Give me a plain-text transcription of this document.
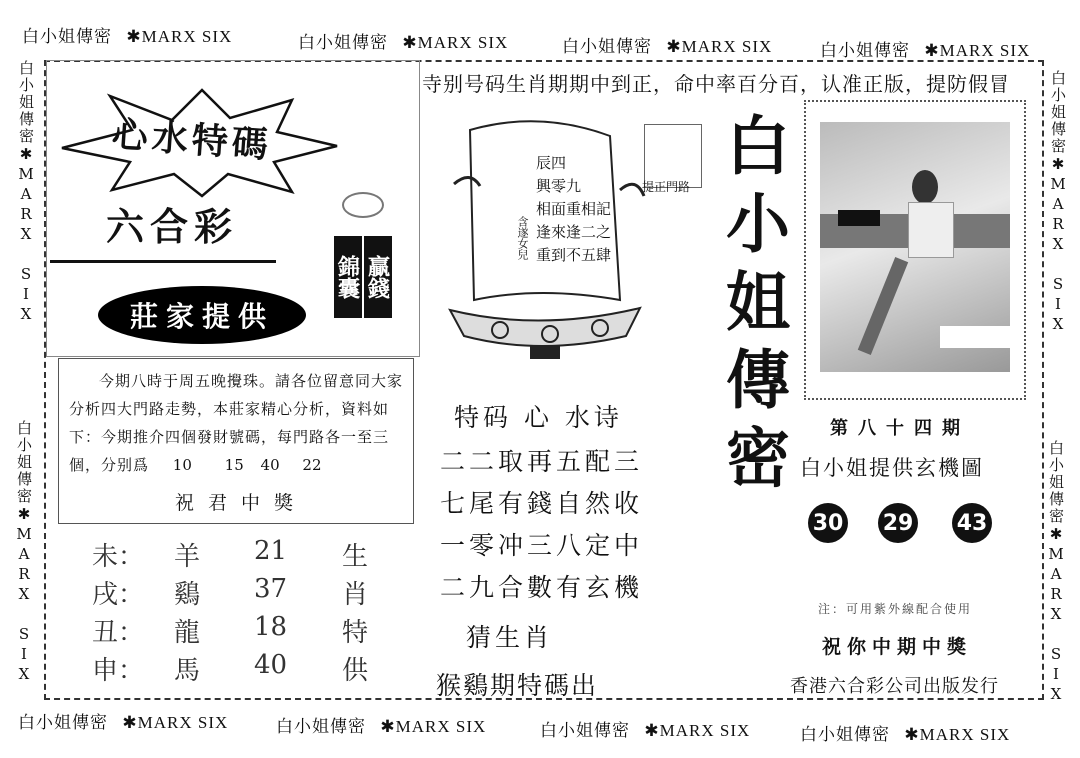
白小姐傳密 ✱MARX SIX	白小姐傳密 ✱MARX SIX	白小姐傳密 ✱MARX SIX	白小姐傳密 ✱MARX SIX
白小姐傳密 ✱MARX SIX	白小姐傳密 ✱MARX SIX	白小姐傳密 ✱MARX SIX	白小姐傳密 ✱MARX SIX
白小姐傳密✱MARX SIX
白小姐傳密✱MARX SIX
白小姐傳密✱MARX SIX
白小姐傳密✱MARX SIX
寺别号码生肖期期中到正，命中率百分百，认准正版，提防假冒
心水特碼
六合彩
贏錢
錦囊
莊家提供
今期八時于周五晚攪珠。請各位留意同大家分析四大門路走勢，本莊家精心分析，資料如下：今期推介四個發財號碼，每門路各一至三個，分别爲 10 15 40 22
祝 君 中 獎
未： 羊 21 生
戌： 鷄 37 肖
丑： 龍 18 特
申： 馬 40 供
辰四
興零九
相面重相記
逢來逢二之
重到不五肆
含遂女兒
提正門路
特码 心 水诗
二二取再五配三
七尾有錢自然收
一零冲三八定中
二九合數有玄機
猜生肖
猴鷄期特碼出
白小姐傳密	第八十四期
白小姐提供玄機圖
30 29 43
注：可用紫外線配合使用
祝你中期中獎
香港六合彩公司出版发行
